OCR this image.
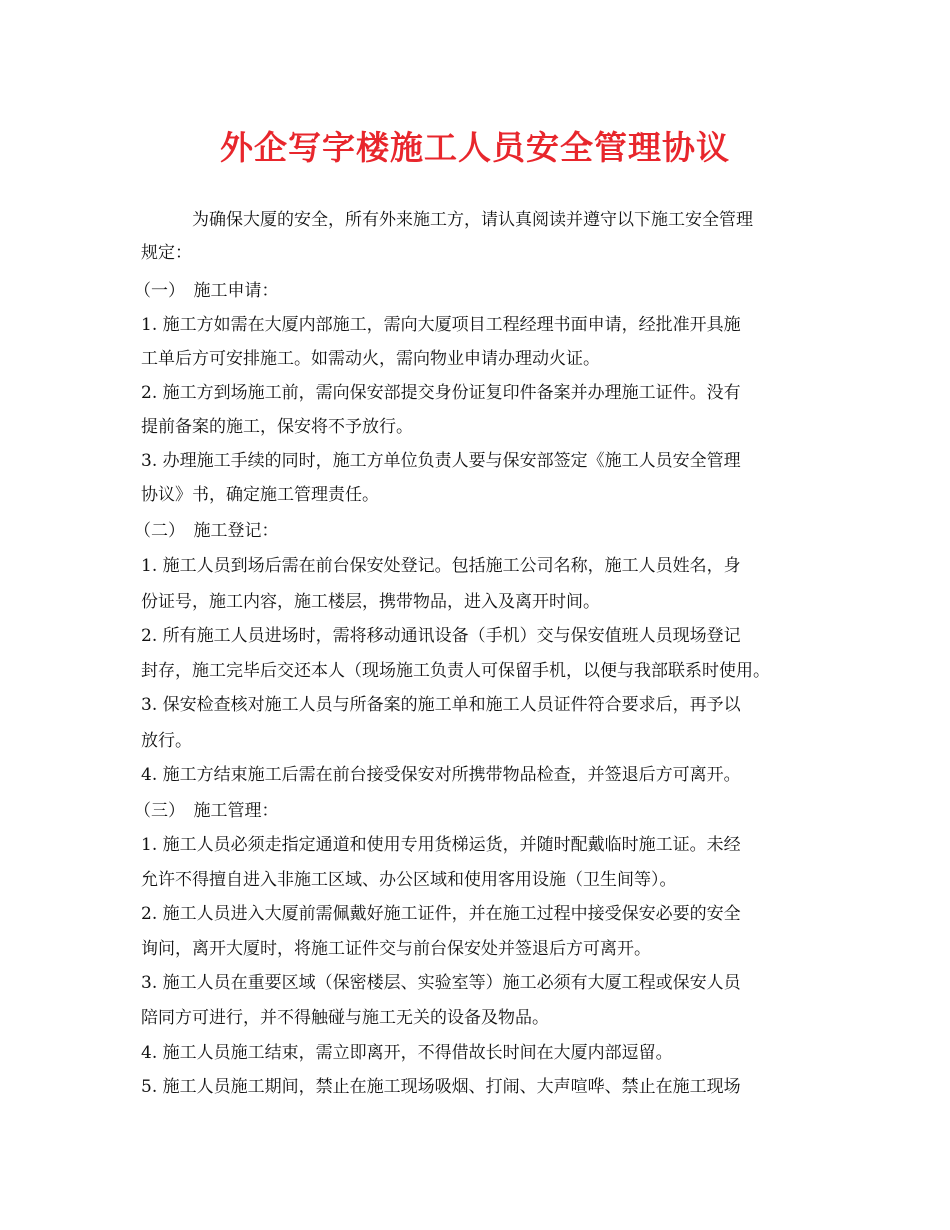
外企写字楼施工人员安全管理协议
　　　为确保大厦的安全，所有外来施工方，请认真阅读并遵守以下施工安全管理
规定：
（一）　施工申请：
1. 施工方如需在大厦内部施工，需向大厦项目工程经理书面申请，经批准开具施
工单后方可安排施工。如需动火，需向物业申请办理动火证。
2. 施工方到场施工前，需向保安部提交身份证复印件备案并办理施工证件。没有
提前备案的施工，保安将不予放行。
3. 办理施工手续的同时，施工方单位负责人要与保安部签定《施工人员安全管理
协议》书，确定施工管理责任。
（二）　施工登记：
1. 施工人员到场后需在前台保安处登记。包括施工公司名称，施工人员姓名，身
份证号，施工内容，施工楼层，携带物品，进入及离开时间。
2. 所有施工人员进场时，需将移动通讯设备（手机）交与保安值班人员现场登记
封存，施工完毕后交还本人（现场施工负责人可保留手机，以便与我部联系时使用。
3. 保安检查核对施工人员与所备案的施工单和施工人员证件符合要求后，再予以
放行。
4. 施工方结束施工后需在前台接受保安对所携带物品检查，并签退后方可离开。
（三）　施工管理：
1. 施工人员必须走指定通道和使用专用货梯运货，并随时配戴临时施工证。未经
允许不得擅自进入非施工区域、办公区域和使用客用设施（卫生间等）。
2. 施工人员进入大厦前需佩戴好施工证件，并在施工过程中接受保安必要的安全
询问，离开大厦时，将施工证件交与前台保安处并签退后方可离开。
3. 施工人员在重要区域（保密楼层、实验室等）施工必须有大厦工程或保安人员
陪同方可进行，并不得触碰与施工无关的设备及物品。
4. 施工人员施工结束，需立即离开，不得借故长时间在大厦内部逗留。
5. 施工人员施工期间，禁止在施工现场吸烟、打闹、大声喧哗、禁止在施工现场
